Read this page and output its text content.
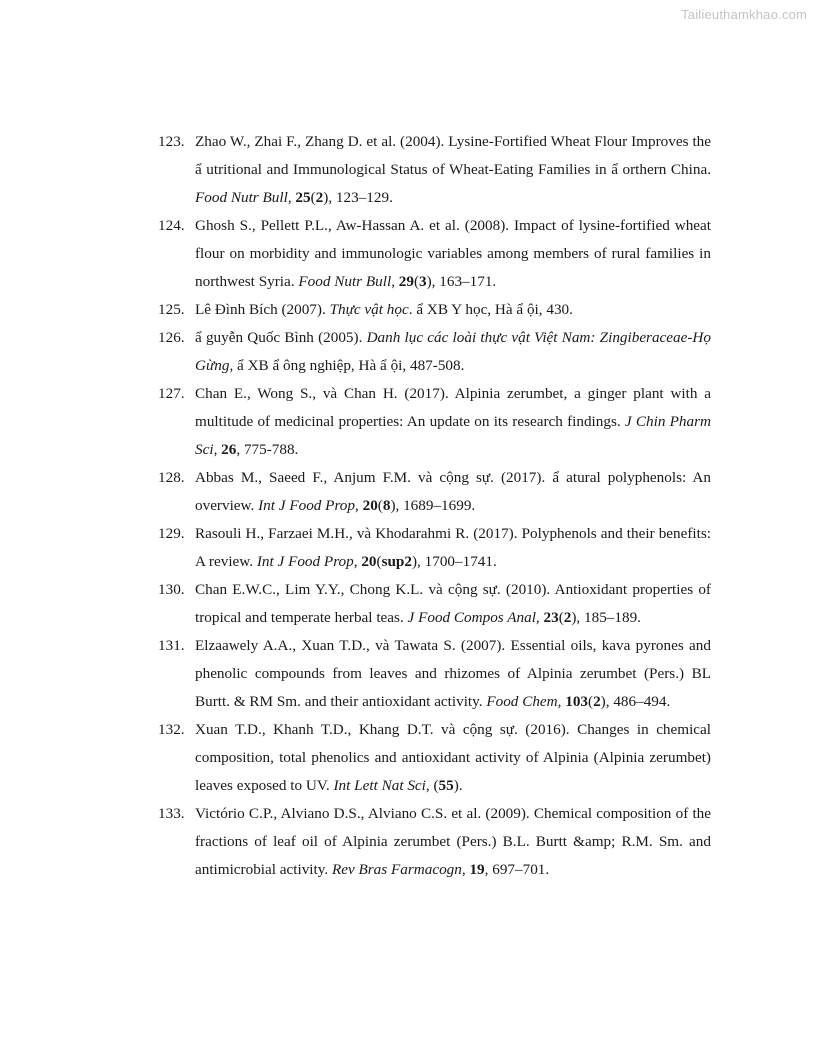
Tailieuthamkhao.com
123. Zhao W., Zhai F., Zhang D. et al. (2004). Lysine-Fortified Wheat Flour Improves the ẩ utritional and Immunological Status of Wheat-Eating Families in ẩ orthern China. Food Nutr Bull, 25(2), 123–129.
124. Ghosh S., Pellett P.L., Aw-Hassan A. et al. (2008). Impact of lysine-fortified wheat flour on morbidity and immunologic variables among members of rural families in northwest Syria. Food Nutr Bull, 29(3), 163–171.
125. Lê Đình Bích (2007). Thực vật học. ẩ XB Y học, Hà ẩ ội, 430.
126. ẩ guyễn Quốc Bình (2005). Danh lục các loài thực vật Việt Nam: Zingiberaceae-Họ Gừng, ẩ XB ẩ ông nghiệp, Hà ẩ ội, 487-508.
127. Chan E., Wong S., và Chan H. (2017). Alpinia zerumbet, a ginger plant with a multitude of medicinal properties: An update on its research findings. J Chin Pharm Sci, 26, 775-788.
128. Abbas M., Saeed F., Anjum F.M. và cộng sự. (2017). ẩ atural polyphenols: An overview. Int J Food Prop, 20(8), 1689–1699.
129. Rasouli H., Farzaei M.H., và Khodarahmi R. (2017). Polyphenols and their benefits: A review. Int J Food Prop, 20(sup2), 1700–1741.
130. Chan E.W.C., Lim Y.Y., Chong K.L. và cộng sự. (2010). Antioxidant properties of tropical and temperate herbal teas. J Food Compos Anal, 23(2), 185–189.
131. Elzaawely A.A., Xuan T.D., và Tawata S. (2007). Essential oils, kava pyrones and phenolic compounds from leaves and rhizomes of Alpinia zerumbet (Pers.) BL Burtt. & RM Sm. and their antioxidant activity. Food Chem, 103(2), 486–494.
132. Xuan T.D., Khanh T.D., Khang D.T. và cộng sự. (2016). Changes in chemical composition, total phenolics and antioxidant activity of Alpinia (Alpinia zerumbet) leaves exposed to UV. Int Lett Nat Sci, (55).
133. Victório C.P., Alviano D.S., Alviano C.S. et al. (2009). Chemical composition of the fractions of leaf oil of Alpinia zerumbet (Pers.) B.L. Burtt &amp; R.M. Sm. and antimicrobial activity. Rev Bras Farmacogn, 19, 697–701.
